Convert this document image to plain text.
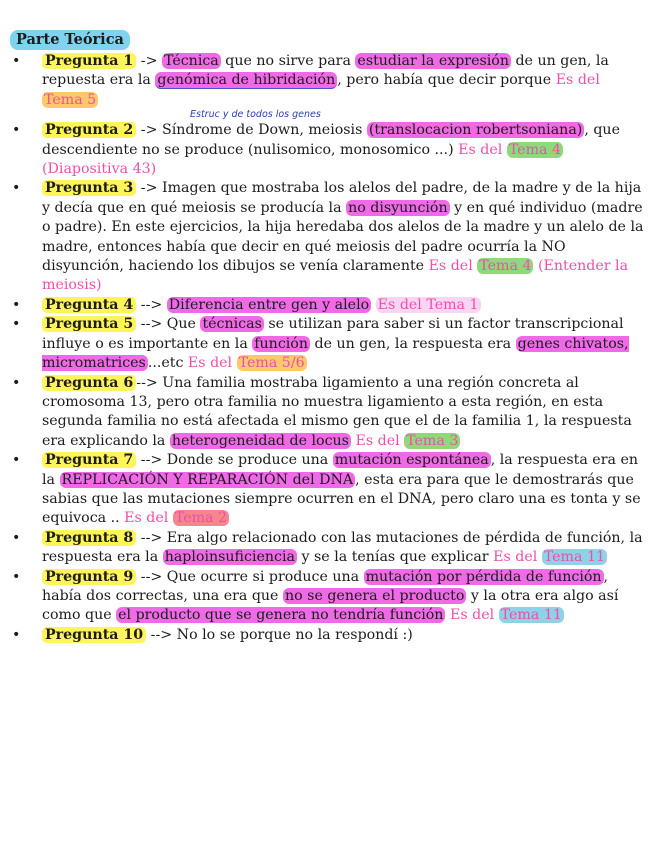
Parte Teórica
• Pregunta 1 -> Técnica que no sirve para estudiar la expresión de un gen, la repuesta era la genómica de hibridación , pero había que decir porque Es del Tema 5
Estruc y de todos los genes
• Pregunta 2 -> Síndrome de Down, meiosis (translocacion robertsoniana) , que descendiente no se produce (nulisomico, monosomico ...) Es del Tema 4 (Diapositiva 43)
• Pregunta 3 -> Imagen que mostraba los alelos del padre, de la madre y de la hija y decía que en qué meiosis se producía la no disyunción y en qué individuo (madre o padre). En este ejercicios, la hija heredaba dos alelos de la madre y un alelo de la madre, entonces había que decir en qué meiosis del padre ocurría la NO disyunción, haciendo los dibujos se venía claramente Es del Tema 4 (Entender la meiosis)
• Pregunta 4 --> Diferencia entre gen y alelo Es del Tema 1
• Pregunta 5 --> Que técnicas se utilizan para saber si un factor transcripcional influye o es importante en la función de un gen, la respuesta era genes chivatos, micromatrices ...etc Es del Tema 5/6
• Pregunta 6 --> Una familia mostraba ligamiento a una región concreta al cromosoma 13, pero otra familia no muestra ligamiento a esta región, en esta segunda familia no está afectada el mismo gen que el de la familia 1, la respuesta era explicando la heterogeneidad de locus Es del Tema 3
• Pregunta 7 --> Donde se produce una mutación espontánea , la respuesta era en la REPLICACIÓN Y REPARACIÓN del DNA , esta era para que le demostrarás que sabias que las mutaciones siempre ocurren en el DNA, pero claro una es tonta y se equivoca .. Es del Tema 2
• Pregunta 8 --> Era algo relacionado con las mutaciones de pérdida de función, la respuesta era la haploinsuficiencia y se la tenías que explicar Es del Tema 11
• Pregunta 9 --> Que ocurre si produce una mutación por pérdida de función , había dos correctas, una era que no se genera el producto y la otra era algo así como que el producto que se genera no tendría función Es del Tema 11
• Pregunta 10 --> No lo se porque no la respondí :)
